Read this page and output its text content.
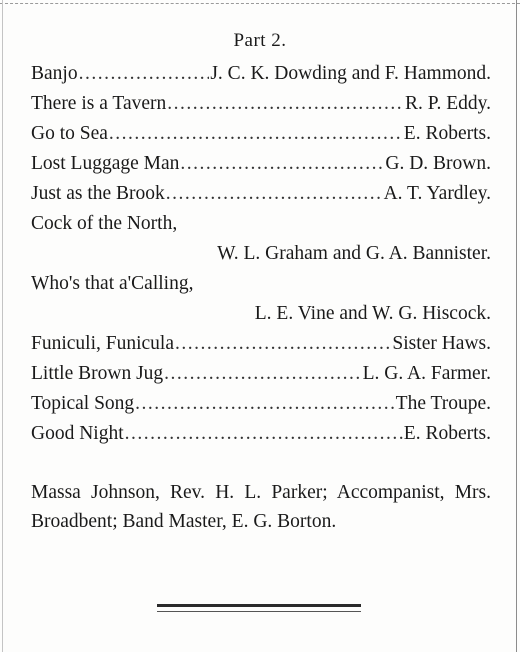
Part 2.
Banjo .....	J. C. K. Dowding and F. Hammond.
There is a Tavern .....	R. P. Eddy.
Go to Sea .....	E. Roberts.
Lost Luggage Man .....	G. D. Brown.
Just as the Brook .....	A. T. Yardley.
Cock of the North,
W. L. Graham and G. A. Bannister.
Who's that a'Calling,
L. E. Vine and W. G. Hiscock.
Funiculi, Funicula .....	Sister Haws.
Little Brown Jug .....	L. G. A. Farmer.
Topical Song .....	The Troupe.
Good Night .....	E. Roberts.
Massa Johnson, Rev. H. L. Parker; Accompanist, Mrs. Broadbent; Band Master, E. G. Borton.
